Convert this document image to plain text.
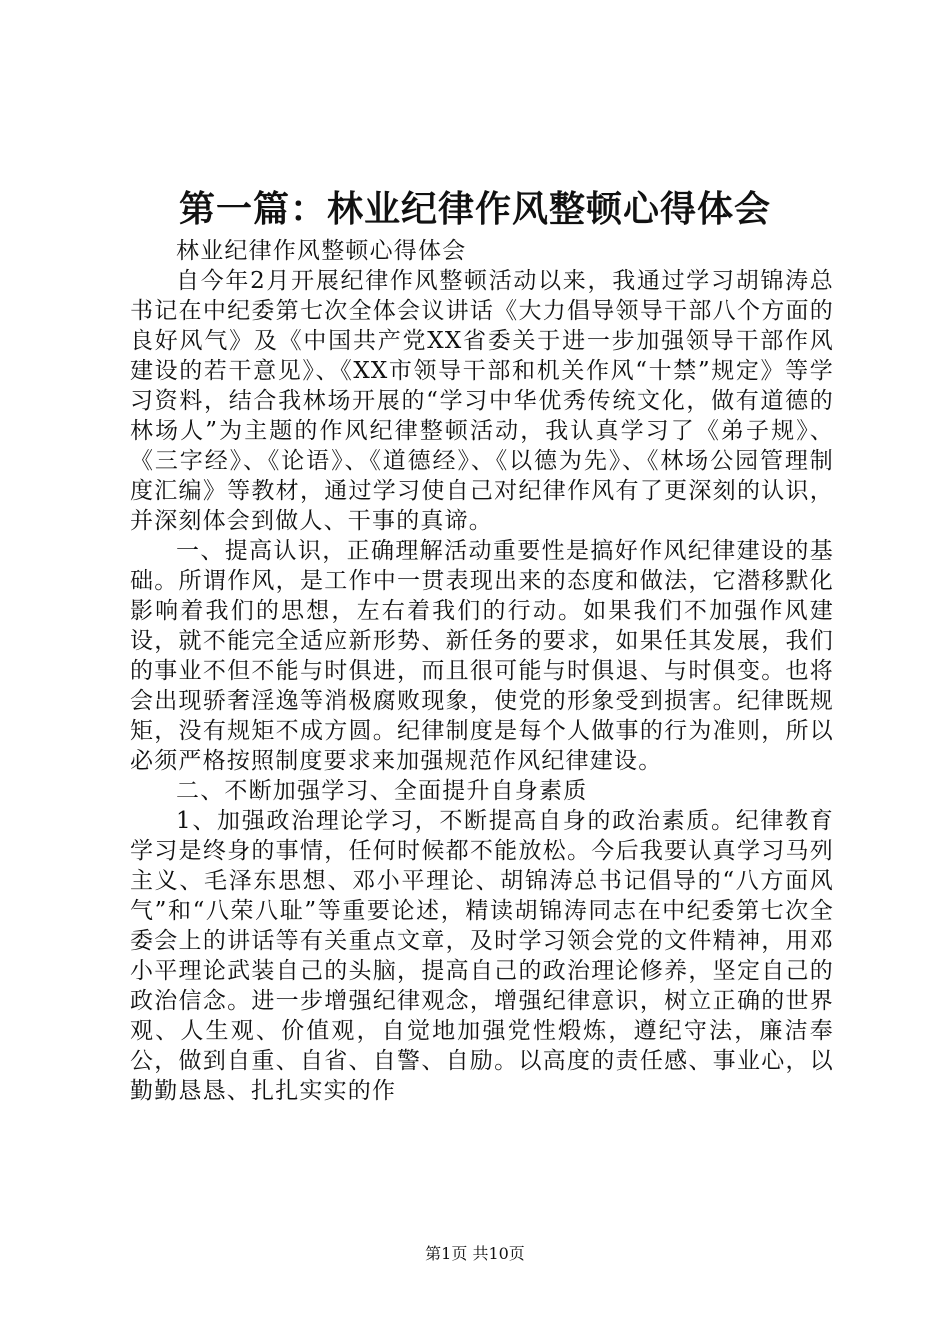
第一篇：林业纪律作风整顿心得体会

林业纪律作风整顿心得体会

自今年2月开展纪律作风整顿活动以来，我通过学习胡锦涛总书记在中纪委第七次全体会议讲话《大力倡导领导干部八个方面的良好风气》及《中国共产党XX省委关于进一步加强领导干部作风建设的若干意见》、《XX市领导干部和机关作风“十禁”规定》等学习资料，结合我林场开展的“学习中华优秀传统文化，做有道德的林场人”为主题的作风纪律整顿活动，我认真学习了《弟子规》、《三字经》、《论语》、《道德经》、《以德为先》、《林场公园管理制度汇编》等教材，通过学习使自己对纪律作风有了更深刻的认识，并深刻体会到做人、干事的真谛。

一、提高认识，正确理解活动重要性是搞好作风纪律建设的基础。所谓作风，是工作中一贯表现出来的态度和做法，它潜移默化影响着我们的思想，左右着我们的行动。如果我们不加强作风建设，就不能完全适应新形势、新任务的要求，如果任其发展，我们的事业不但不能与时俱进，而且很可能与时俱退、与时俱变。也将会出现骄奢淫逸等消极腐败现象，使党的形象受到损害。纪律既规矩，没有规矩不成方圆。纪律制度是每个人做事的行为准则，所以必须严格按照制度要求来加强规范作风纪律建设。

二、不断加强学习、全面提升自身素质

1、加强政治理论学习，不断提高自身的政治素质。纪律教育学习是终身的事情，任何时候都不能放松。今后我要认真学习马列主义、毛泽东思想、邓小平理论、胡锦涛总书记倡导的“八方面风气”和“八荣八耻”等重要论述，精读胡锦涛同志在中纪委第七次全委会上的讲话等有关重点文章，及时学习领会党的文件精神，用邓小平理论武装自己的头脑，提高自己的政治理论修养，坚定自己的政治信念。进一步增强纪律观念，增强纪律意识，树立正确的世界观、人生观、价值观，自觉地加强党性煅炼，遵纪守法，廉洁奉公，做到自重、自省、自警、自励。以高度的责任感、事业心，以勤勤恳恳、扎扎实实的作

第1页 共10页
